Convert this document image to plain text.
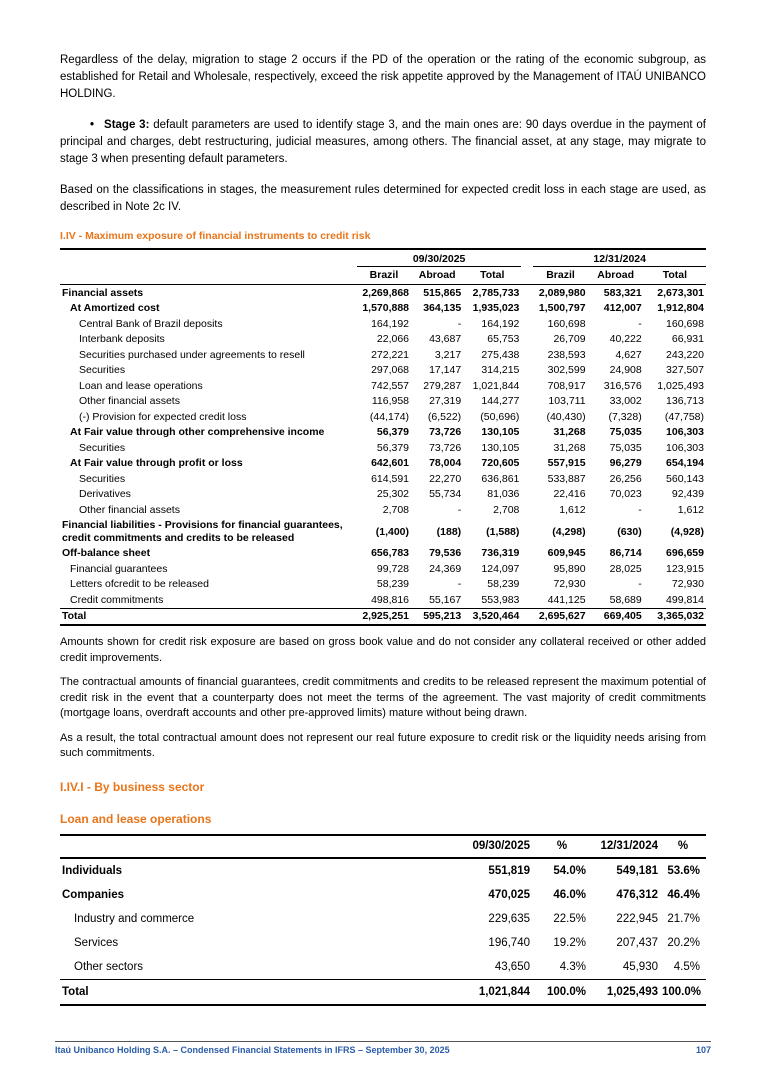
Regardless of the delay, migration to stage 2 occurs if the PD of the operation or the rating of the economic subgroup, as established for Retail and Wholesale, respectively, exceed the risk appetite approved by the Management of ITAÚ UNIBANCO HOLDING.

• Stage 3: default parameters are used to identify stage 3, and the main ones are: 90 days overdue in the payment of principal and charges, debt restructuring, judicial measures, among others. The financial asset, at any stage, may migrate to stage 3 when presenting default parameters.

Based on the classifications in stages, the measurement rules determined for expected credit loss in each stage are used, as described in Note 2c IV.

I.IV - Maximum exposure of financial instruments to credit risk
	09/30/2025				12/31/2024		
	Brazil	Abroad	Total		Brazil	Abroad	Total
Financial assets	2,269,868	515,865	2,785,733		2,089,980	583,321	2,673,301
At Amortized cost	1,570,888	364,135	1,935,023		1,500,797	412,007	1,912,804
Central Bank of Brazil deposits	164,192	-	164,192		160,698	-	160,698
Interbank deposits	22,066	43,687	65,753		26,709	40,222	66,931
Securities purchased under agreements to resell	272,221	3,217	275,438		238,593	4,627	243,220
Securities	297,068	17,147	314,215		302,599	24,908	327,507
Loan and lease operations	742,557	279,287	1,021,844		708,917	316,576	1,025,493
Other financial assets	116,958	27,319	144,277		103,711	33,002	136,713
(-) Provision for expected credit loss	(44,174)	(6,522)	(50,696)		(40,430)	(7,328)	(47,758)
At Fair value through other comprehensive income	56,379	73,726	130,105		31,268	75,035	106,303
Securities	56,379	73,726	130,105		31,268	75,035	106,303
At Fair value through profit or loss	642,601	78,004	720,605		557,915	96,279	654,194
Securities	614,591	22,270	636,861		533,887	26,256	560,143
Derivatives	25,302	55,734	81,036		22,416	70,023	92,439
Other financial assets	2,708	-	2,708		1,612	-	1,612
Financial liabilities - Provisions for financial guarantees, credit commitments and credits to be released	(1,400)	(188)	(1,588)		(4,298)	(630)	(4,928)
Off-balance sheet	656,783	79,536	736,319		609,945	86,714	696,659
Financial guarantees	99,728	24,369	124,097		95,890	28,025	123,915
Letters ofcredit to be released	58,239	-	58,239		72,930	-	72,930
Credit commitments	498,816	55,167	553,983		441,125	58,689	499,814
Total	2,925,251	595,213	3,520,464		2,695,627	669,405	3,365,032

Amounts shown for credit risk exposure are based on gross book value and do not consider any collateral received or other added credit improvements.

The contractual amounts of financial guarantees, credit commitments and credits to be released represent the maximum potential of credit risk in the event that a counterparty does not meet the terms of the agreement. The vast majority of credit commitments (mortgage loans, overdraft accounts and other pre-approved limits) mature without being drawn.

As a result, the total contractual amount does not represent our real future exposure to credit risk or the liquidity needs arising from such commitments.

I.IV.I - By business sector
Loan and lease operations
	09/30/2025	%	12/31/2024	%
Individuals	551,819	54.0%	549,181	53.6%
Companies	470,025	46.0%	476,312	46.4%
Industry and commerce	229,635	22.5%	222,945	21.7%
Services	196,740	19.2%	207,437	20.2%
Other sectors	43,650	4.3%	45,930	4.5%
Total	1,021,844	100.0%	1,025,493	100.0%
Itaú Unibanco Holding S.A. – Condensed Financial Statements in IFRS – September 30, 2025	107
